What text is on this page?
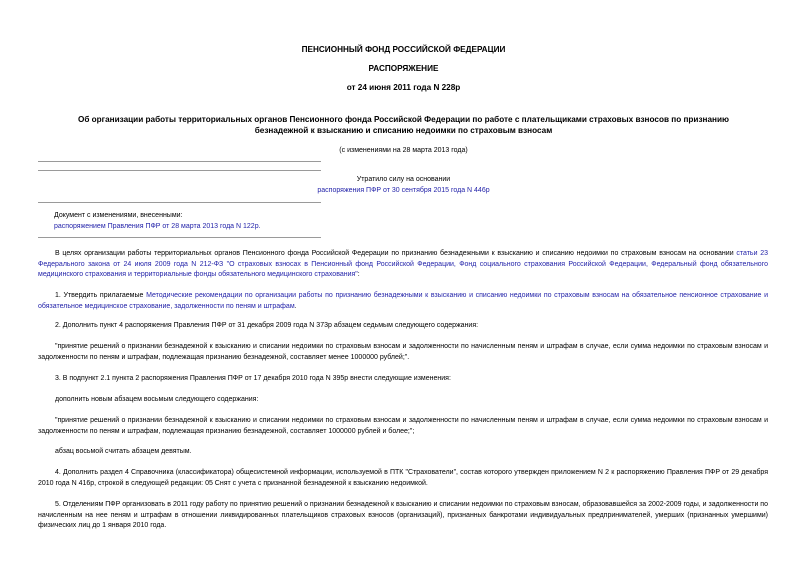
ПЕНСИОННЫЙ ФОНД РОССИЙСКОЙ ФЕДЕРАЦИИ
РАСПОРЯЖЕНИЕ
от 24 июня 2011 года N 228р
Об организации работы территориальных органов Пенсионного фонда Российской Федерации по работе с плательщиками страховых взносов по признанию безнадежной к взысканию и списанию недоимки по страховым взносам
(с изменениями на 28 марта 2013 года)
Утратило силу на основании
распоряжения ПФР от 30 сентября 2015 года N 446р
Документ с изменениями, внесенными:
распоряжением Правления ПФР от 28 марта 2013 года N 122р.
В целях организации работы территориальных органов Пенсионного фонда Российской Федерации по признанию безнадежными к взысканию и списанию недоимки по страховым взносам на основании статьи 23 Федерального закона от 24 июля 2009 года N 212-ФЗ "О страховых взносах в Пенсионный фонд Российской Федерации, Фонд социального страхования Российской Федерации, Федеральный фонд обязательного медицинского страхования и территориальные фонды обязательного медицинского страхования":
1. Утвердить прилагаемые Методические рекомендации по организации работы по признанию безнадежными к взысканию и списанию недоимки по страховым взносам на обязательное пенсионное страхование и обязательное медицинское страхование, задолженности по пеням и штрафам.
2. Дополнить пункт 4 распоряжения Правления ПФР от 31 декабря 2009 года N 373р абзацем седьмым следующего содержания:
"принятие решений о признании безнадежной к взысканию и списании недоимки по страховым взносам и задолженности по начисленным пеням и штрафам в случае, если сумма недоимки по страховым взносам и задолженности по пеням и штрафам, подлежащая признанию безнадежной, составляет менее 1000000 рублей;".
3. В подпункт 2.1 пункта 2 распоряжения Правления ПФР от 17 декабря 2010 года N 395р внести следующие изменения:
дополнить новым абзацем восьмым следующего содержания:
"принятие решений о признании безнадежной к взысканию и списании недоимки по страховым взносам и задолженности по начисленным пеням и штрафам в случае, если сумма недоимки по страховым взносам и задолженности по пеням и штрафам, подлежащая признанию безнадежной, составляет 1000000 рублей и более;";
абзац восьмой считать абзацем девятым.
4. Дополнить раздел 4 Справочника (классификатора) общесистемной информации, используемой в ПТК "Страхователи", состав которого утвержден приложением N 2 к распоряжению Правления ПФР от 29 декабря 2010 года N 416р, строкой в следующей редакции: 05 Снят с учета с признанной безнадежной к взысканию недоимкой.
5. Отделениям ПФР организовать в 2011 году работу по принятию решений о признании безнадежной к взысканию и списании недоимки по страховым взносам, образовавшейся за 2002-2009 годы, и задолженности по начисленным на нее пеням и штрафам в отношении ликвидированных плательщиков страховых взносов (организаций), признанных банкротами индивидуальных предпринимателей, умерших (признанных умершими) физических лиц до 1 января 2010 года.
